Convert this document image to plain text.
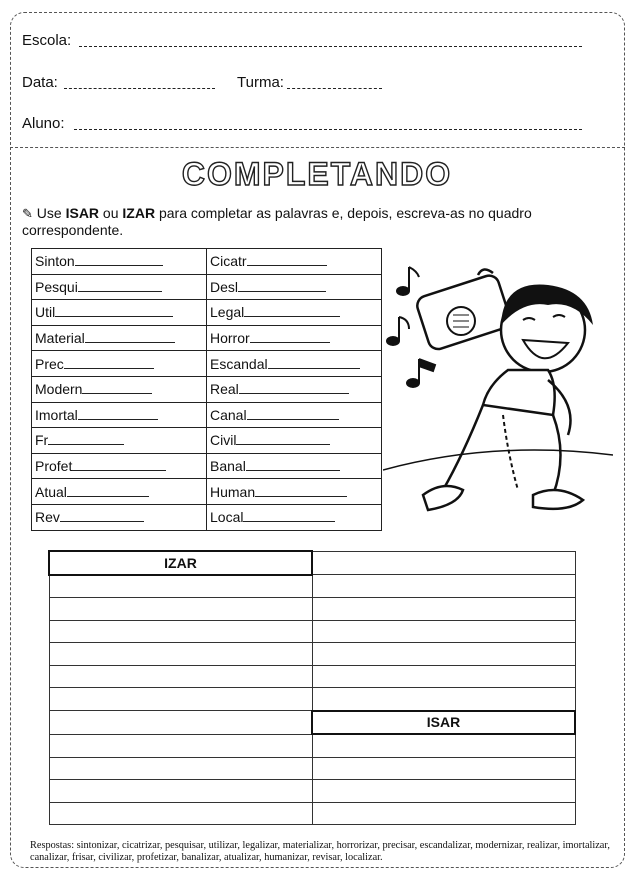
Escola:
Data:	Turma:
Aluno:
COMPLETANDO
✎ Use ISAR ou IZAR para completar as palavras e, depois, escreva-as no quadro correspondente.
Sinton	Cicatr
Pesqui	Desl
Util	Legal
Material	Horror
Prec	Escandal
Modern	Real
Imortal	Canal
Fr	Civil
Profet	Banal
Atual	Human
Rev	Local
IZAR	

	ISAR

Respostas: sintonizar, cicatrizar, pesquisar, utilizar, legalizar, materializar, horrorizar, precisar, escandalizar, modernizar, realizar, imortalizar, canalizar, frisar, civilizar, profetizar, banalizar, atualizar, humanizar, revisar, localizar.
